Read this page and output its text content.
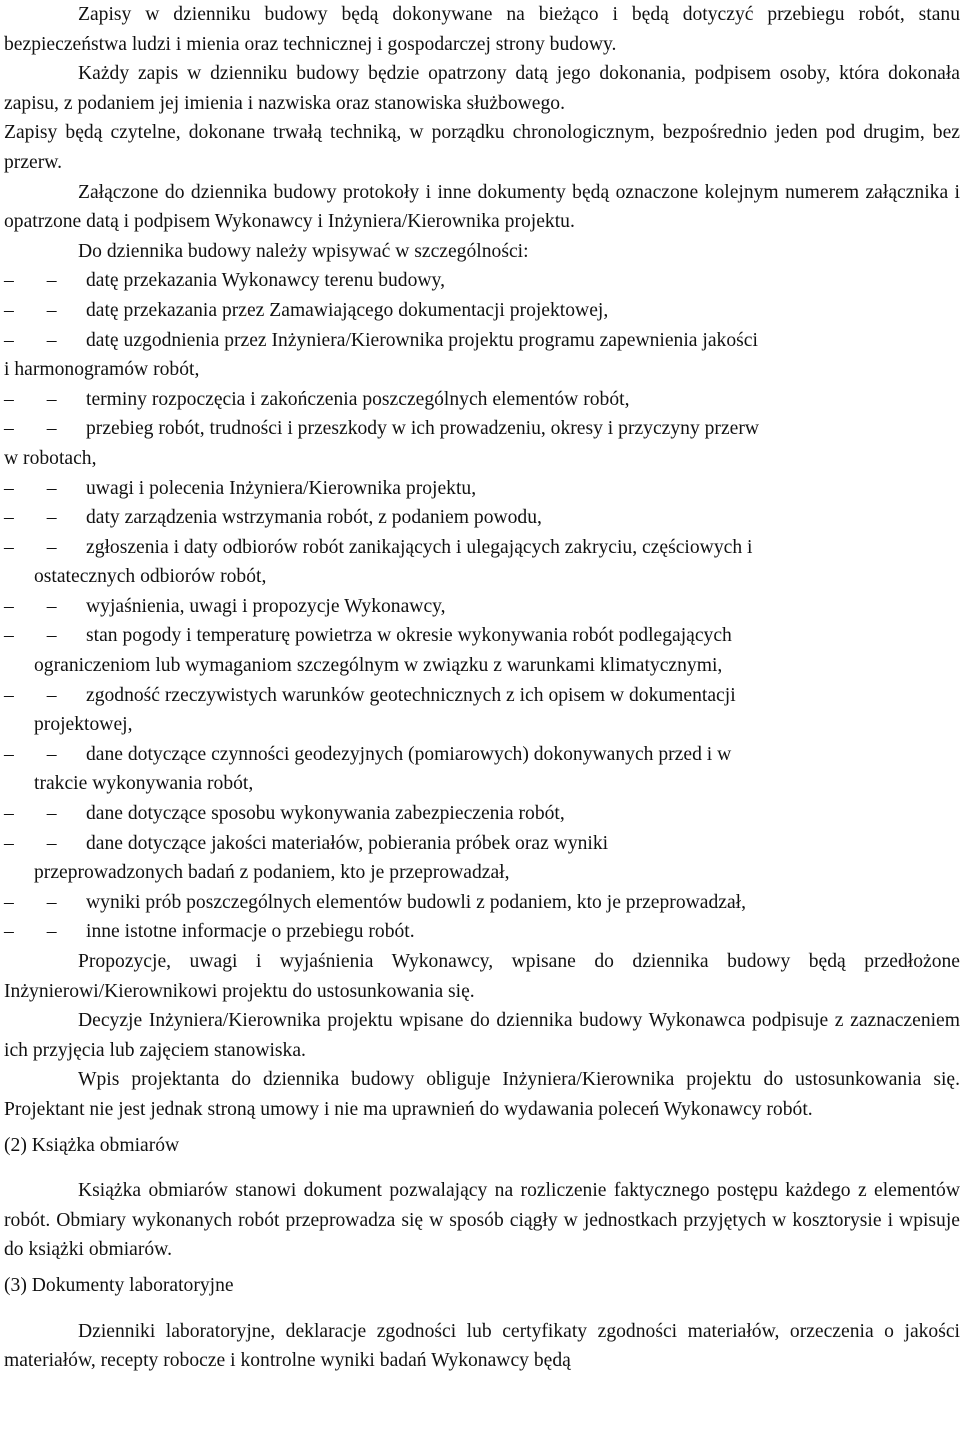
Zapisy w dzienniku budowy będą dokonywane na bieżąco i będą dotyczyć przebiegu robót, stanu bezpieczeństwa ludzi i mienia oraz technicznej i gospodarczej strony budowy.

Każdy zapis w dzienniku budowy będzie opatrzony datą jego dokonania, podpisem osoby, która dokonała zapisu, z podaniem jej imienia i nazwiska oraz stanowiska służbowego.

Zapisy będą czytelne, dokonane trwałą techniką, w porządku chronologicznym, bezpośrednio jeden pod drugim, bez przerw.

Załączone do dziennika budowy protokoły i inne dokumenty będą oznaczone kolejnym numerem załącznika i opatrzone datą i podpisem Wykonawcy i Inżyniera/Kierownika projektu.

Do dziennika budowy należy wpisywać w szczególności:

– – datę przekazania Wykonawcy terenu budowy,
– – datę przekazania przez Zamawiającego dokumentacji projektowej,
– – datę uzgodnienia przez Inżyniera/Kierownika projektu programu zapewnienia jakości
i harmonogramów robót,
– – terminy rozpoczęcia i zakończenia poszczególnych elementów robót,
– – przebieg robót, trudności i przeszkody w ich prowadzeniu, okresy i przyczyny przerw
w robotach,
– – uwagi i polecenia Inżyniera/Kierownika projektu,
– – daty zarządzenia wstrzymania robót, z podaniem powodu,
– – zgłoszenia i daty odbiorów robót zanikających i ulegających zakryciu, częściowych i
ostatecznych odbiorów robót,
– – wyjaśnienia, uwagi i propozycje Wykonawcy,
– – stan pogody i temperaturę powietrza w okresie wykonywania robót podlegających
ograniczeniom lub wymaganiom szczególnym w związku z warunkami klimatycznymi,
– – zgodność rzeczywistych warunków geotechnicznych z ich opisem w dokumentacji
projektowej,
– – dane dotyczące czynności geodezyjnych (pomiarowych) dokonywanych przed i w
trakcie wykonywania robót,
– – dane dotyczące sposobu wykonywania zabezpieczenia robót,
– – dane dotyczące jakości materiałów, pobierania próbek oraz wyniki
przeprowadzonych badań z podaniem, kto je przeprowadzał,
– – wyniki prób poszczególnych elementów budowli z podaniem, kto je przeprowadzał,
– – inne istotne informacje o przebiegu robót.

Propozycje, uwagi i wyjaśnienia Wykonawcy, wpisane do dziennika budowy będą przedłożone Inżynierowi/Kierownikowi projektu do ustosunkowania się.

Decyzje Inżyniera/Kierownika projektu wpisane do dziennika budowy Wykonawca podpisuje z zaznaczeniem ich przyjęcia lub zajęciem stanowiska.

Wpis projektanta do dziennika budowy obliguje Inżyniera/Kierownika projektu do ustosunkowania się. Projektant nie jest jednak stroną umowy i nie ma uprawnień do wydawania poleceń Wykonawcy robót.

(2) Książka obmiarów

Książka obmiarów stanowi dokument pozwalający na rozliczenie faktycznego postępu każdego z elementów robót. Obmiary wykonanych robót przeprowadza się w sposób ciągły w jednostkach przyjętych w kosztorysie i wpisuje do książki obmiarów.

(3) Dokumenty laboratoryjne

Dzienniki laboratoryjne, deklaracje zgodności lub certyfikaty zgodności materiałów, orzeczenia o jakości materiałów, recepty robocze i kontrolne wyniki badań Wykonawcy będą
